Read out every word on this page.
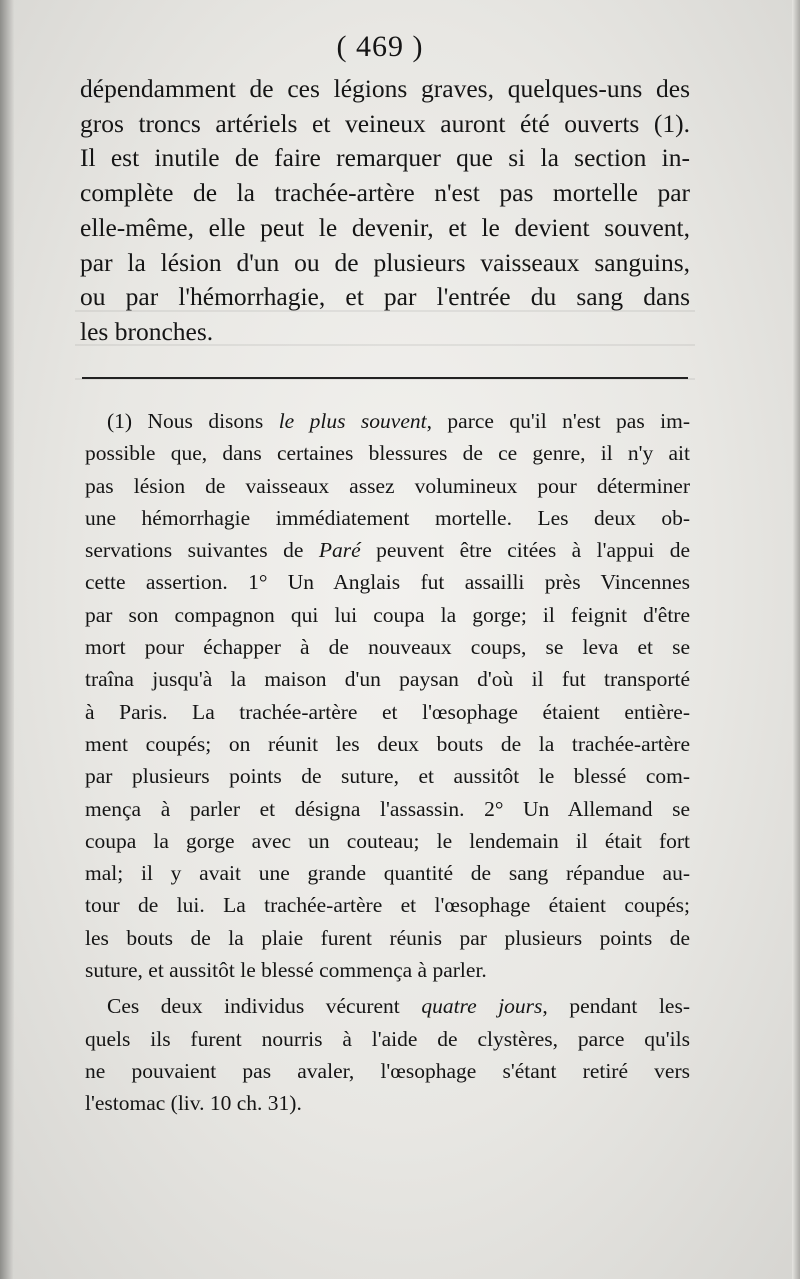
( 469 )
dépendamment de ces légions graves, quelques-uns des
gros troncs artériels et veineux auront été ouverts (1).
Il est inutile de faire remarquer que si la section in-
complète de la trachée-artère n'est pas mortelle par
elle-même, elle peut le devenir, et le devient souvent,
par la lésion d'un ou de plusieurs vaisseaux sanguins,
ou par l'hémorrhagie, et par l'entrée du sang dans
les bronches.
(1) Nous disons le plus souvent, parce qu'il n'est pas im-
possible que, dans certaines blessures de ce genre, il n'y ait
pas lésion de vaisseaux assez volumineux pour déterminer
une hémorrhagie immédiatement mortelle. Les deux ob-
servations suivantes de Paré peuvent être citées à l'appui de
cette assertion. 1° Un Anglais fut assailli près Vincennes
par son compagnon qui lui coupa la gorge; il feignit d'être
mort pour échapper à de nouveaux coups, se leva et se
traîna jusqu'à la maison d'un paysan d'où il fut transporté
à Paris. La trachée-artère et l'œsophage étaient entière-
ment coupés; on réunit les deux bouts de la trachée-artère
par plusieurs points de suture, et aussitôt le blessé com-
mença à parler et désigna l'assassin. 2° Un Allemand se
coupa la gorge avec un couteau; le lendemain il était fort
mal; il y avait une grande quantité de sang répandue au-
tour de lui. La trachée-artère et l'œsophage étaient coupés;
les bouts de la plaie furent réunis par plusieurs points de
suture, et aussitôt le blessé commença à parler.
Ces deux individus vécurent quatre jours, pendant les-
quels ils furent nourris à l'aide de clystères, parce qu'ils
ne pouvaient pas avaler, l'œsophage s'étant retiré vers
l'estomac (liv. 10 ch. 31).
